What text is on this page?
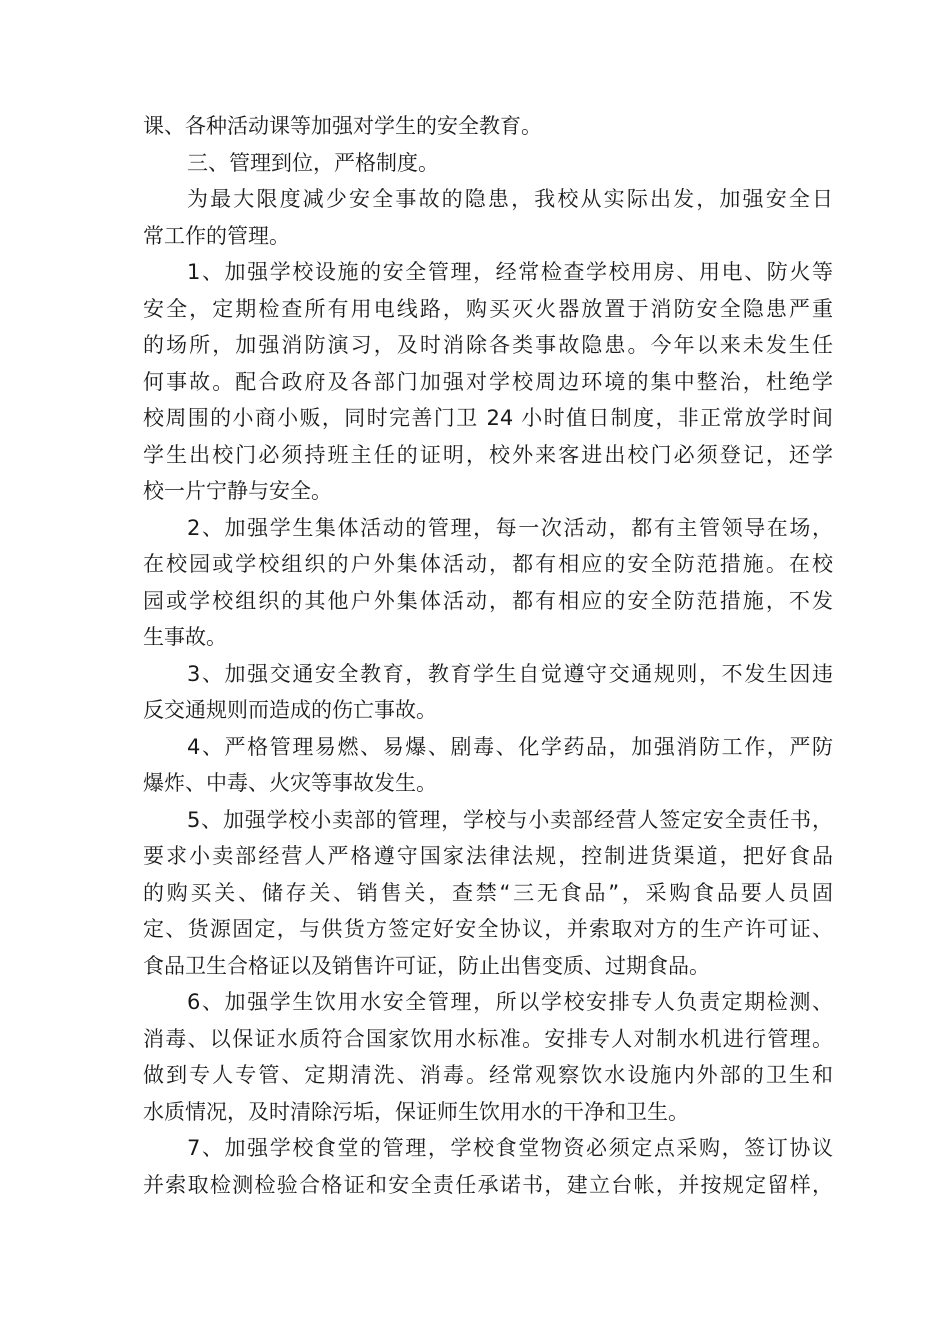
课、各种活动课等加强对学生的安全教育。
三、管理到位，严格制度。
为最大限度减少安全事故的隐患，我校从实际出发，加强安全日
常工作的管理。
1、加强学校设施的安全管理，经常检查学校用房、用电、防火等
安全，定期检查所有用电线路，购买灭火器放置于消防安全隐患严重
的场所，加强消防演习，及时消除各类事故隐患。今年以来未发生任
何事故。配合政府及各部门加强对学校周边环境的集中整治，杜绝学
校周围的小商小贩，同时完善门卫 24 小时值日制度，非正常放学时间
学生出校门必须持班主任的证明，校外来客进出校门必须登记，还学
校一片宁静与安全。
2、加强学生集体活动的管理，每一次活动，都有主管领导在场，
在校园或学校组织的户外集体活动，都有相应的安全防范措施。在校
园或学校组织的其他户外集体活动，都有相应的安全防范措施，不发
生事故。
3、加强交通安全教育，教育学生自觉遵守交通规则，不发生因违
反交通规则而造成的伤亡事故。
4、严格管理易燃、易爆、剧毒、化学药品，加强消防工作，严防
爆炸、中毒、火灾等事故发生。
5、加强学校小卖部的管理，学校与小卖部经营人签定安全责任书，
要求小卖部经营人严格遵守国家法律法规，控制进货渠道，把好食品
的购买关、储存关、销售关，查禁“三无食品”，采购食品要人员固
定、货源固定，与供货方签定好安全协议，并索取对方的生产许可证、
食品卫生合格证以及销售许可证，防止出售变质、过期食品。
6、加强学生饮用水安全管理，所以学校安排专人负责定期检测、
消毒、以保证水质符合国家饮用水标准。安排专人对制水机进行管理。
做到专人专管、定期清洗、消毒。经常观察饮水设施内外部的卫生和
水质情况，及时清除污垢，保证师生饮用水的干净和卫生。
7、加强学校食堂的管理，学校食堂物资必须定点采购，签订协议
并索取检测检验合格证和安全责任承诺书，建立台帐，并按规定留样，
